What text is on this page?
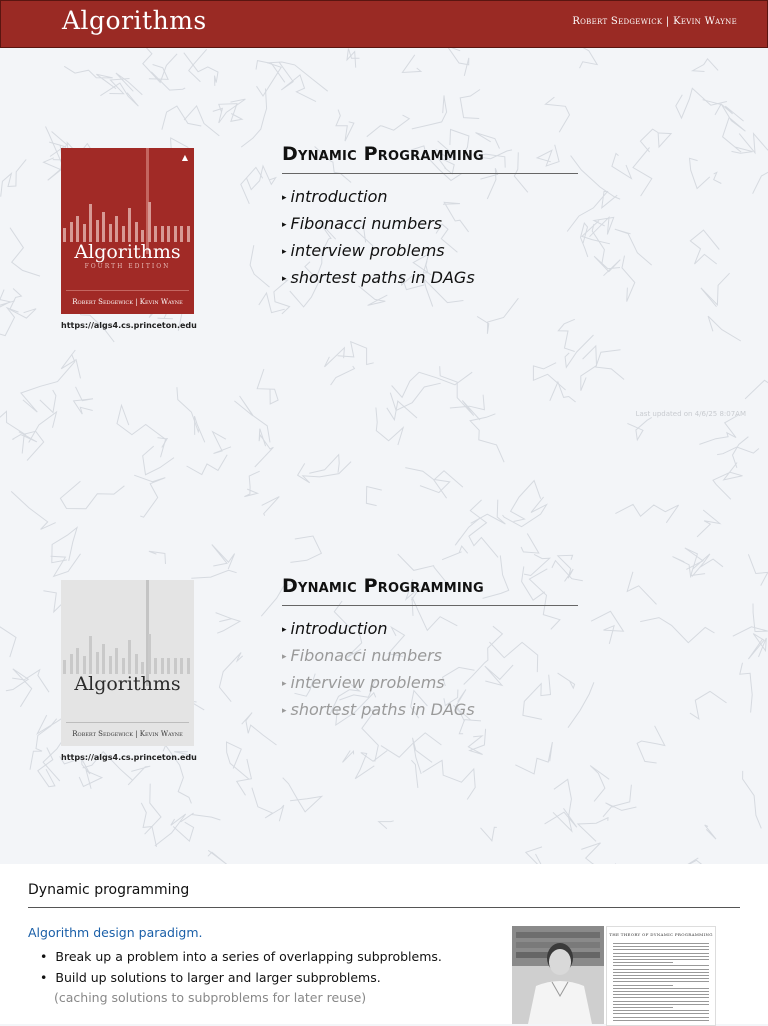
Algorithms	Robert Sedgewick | Kevin Wayne
▲
Algorithms
FOURTH EDITION
Robert Sedgewick | Kevin Wayne
https://algs4.cs.princeton.edu
Dynamic Programming
▸ introduction
▸ Fibonacci numbers
▸ interview problems
▸ shortest paths in DAGs
Last updated on 4/6/25 8:07AM
Algorithms
Robert Sedgewick | Kevin Wayne
https://algs4.cs.princeton.edu
Dynamic Programming
▸ introduction
▸ Fibonacci numbers
▸ interview problems
▸ shortest paths in DAGs
Dynamic programming
Algorithm design paradigm.
• Break up a problem into a series of overlapping subproblems.
• Build up solutions to larger and larger subproblems.
(caching solutions to subproblems for later reuse)
THE THEORY OF DYNAMIC PROGRAMMING
